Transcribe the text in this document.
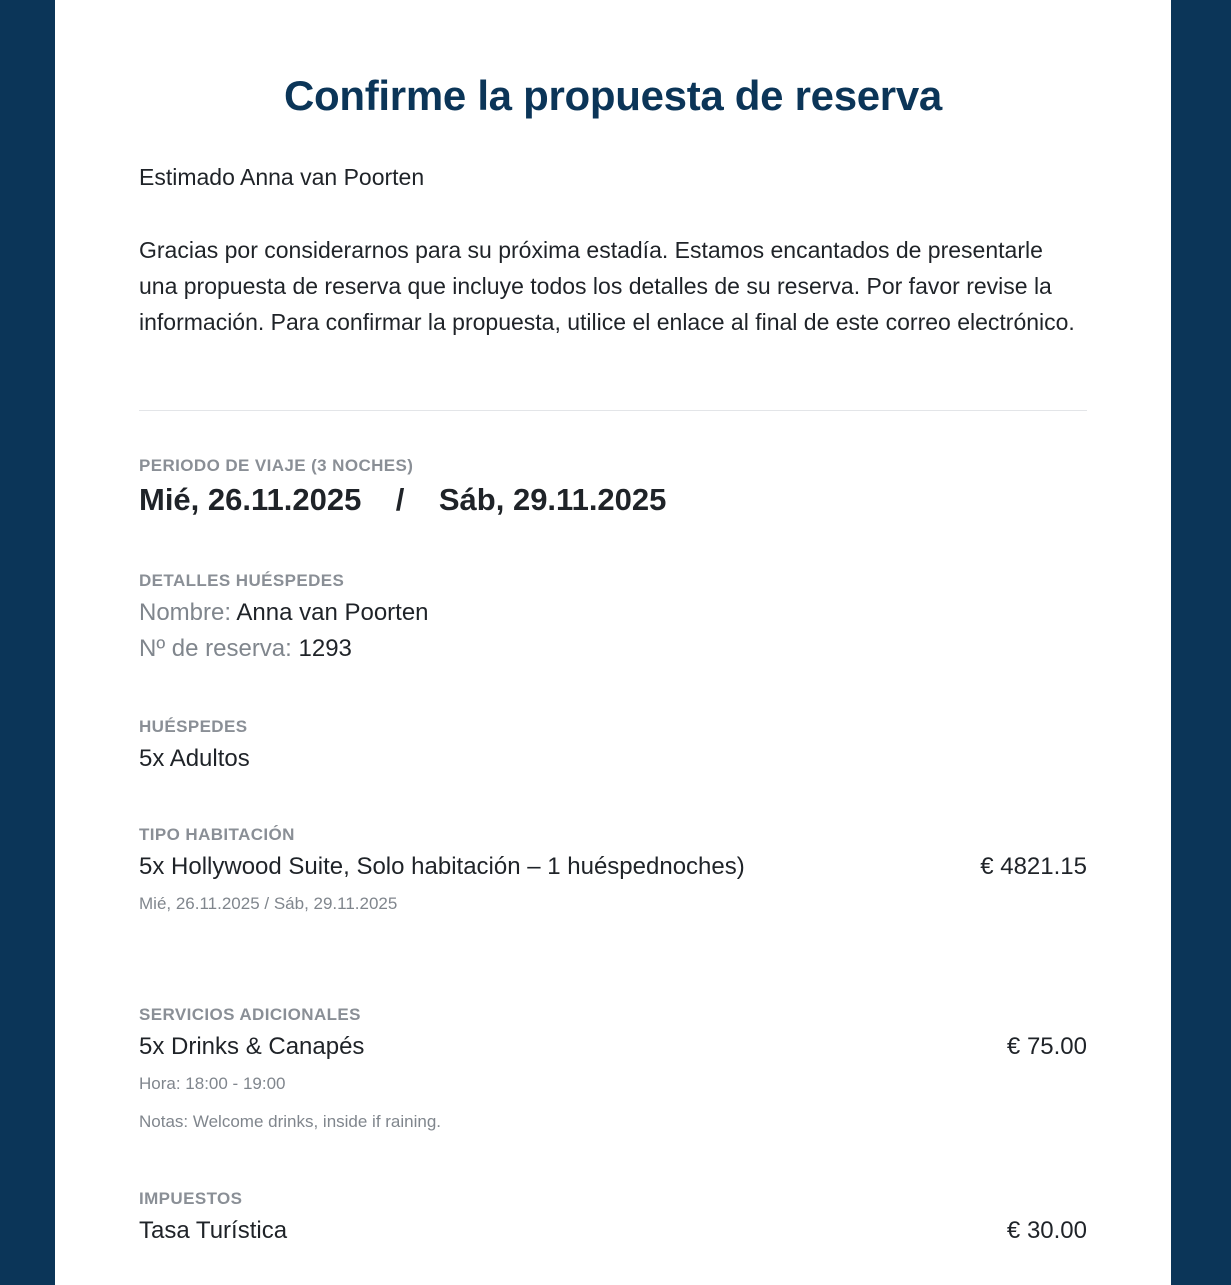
Confirme la propuesta de reserva
Estimado Anna van Poorten
Gracias por considerarnos para su próxima estadía. Estamos encantados de presentarle una propuesta de reserva que incluye todos los detalles de su reserva. Por favor revise la información. Para confirmar la propuesta, utilice el enlace al final de este correo electrónico.
PERIODO DE VIAJE (3 NOCHES)
Mié, 26.11.2025 / Sáb, 29.11.2025
DETALLES HUÉSPEDES
Nombre: Anna van Poorten
Nº de reserva: 1293
HUÉSPEDES
5x Adultos
TIPO HABITACIÓN
5x Hollywood Suite, Solo habitación – 1 huéspednoches)	€ 4821.15
Mié, 26.11.2025 / Sáb, 29.11.2025
SERVICIOS ADICIONALES
5x Drinks & Canapés	€ 75.00
Hora: 18:00 - 19:00
Notas: Welcome drinks, inside if raining.
IMPUESTOS
Tasa Turística	€ 30.00
